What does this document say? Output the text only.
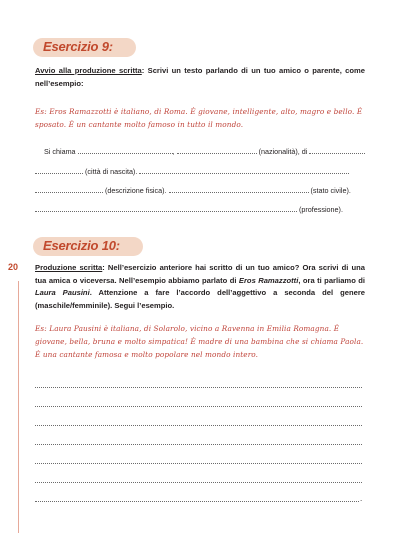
Esercizio 9:
Avvio alla produzione scritta: Scrivi un testo parlando di un tuo amico o parente, come nell’esempio:
Es: Eros Ramazzotti è italiano, di Roma. È giovane, intelligente, alto, magro e bello. È sposato. È un cantante molto famoso in tutto il mondo.
Si chiama	,	(nazionalità), di
(città di nascita).
(descrizione fisica).	(stato civile).
(professione).
20
Esercizio 10:
Produzione scritta: Nell’esercizio anteriore hai scritto di un tuo amico? Ora scrivi di una tua amica o viceversa. Nell’esempio abbiamo parlato di Eros Ramazzotti, ora ti parliamo di Laura Pausini. Attenzione a fare l’accordo dell’aggettivo a seconda del genere (maschile/femminile). Segui l’esempio.
Es: Laura Pausini è italiana, di Solarolo, vicino a Ravenna in Emilia Romagna. È giovane, bella, bruna e molto simpatica! È madre di una bambina che si chiama Paola. È una cantante famosa e molto popolare nel mondo intero.
.
